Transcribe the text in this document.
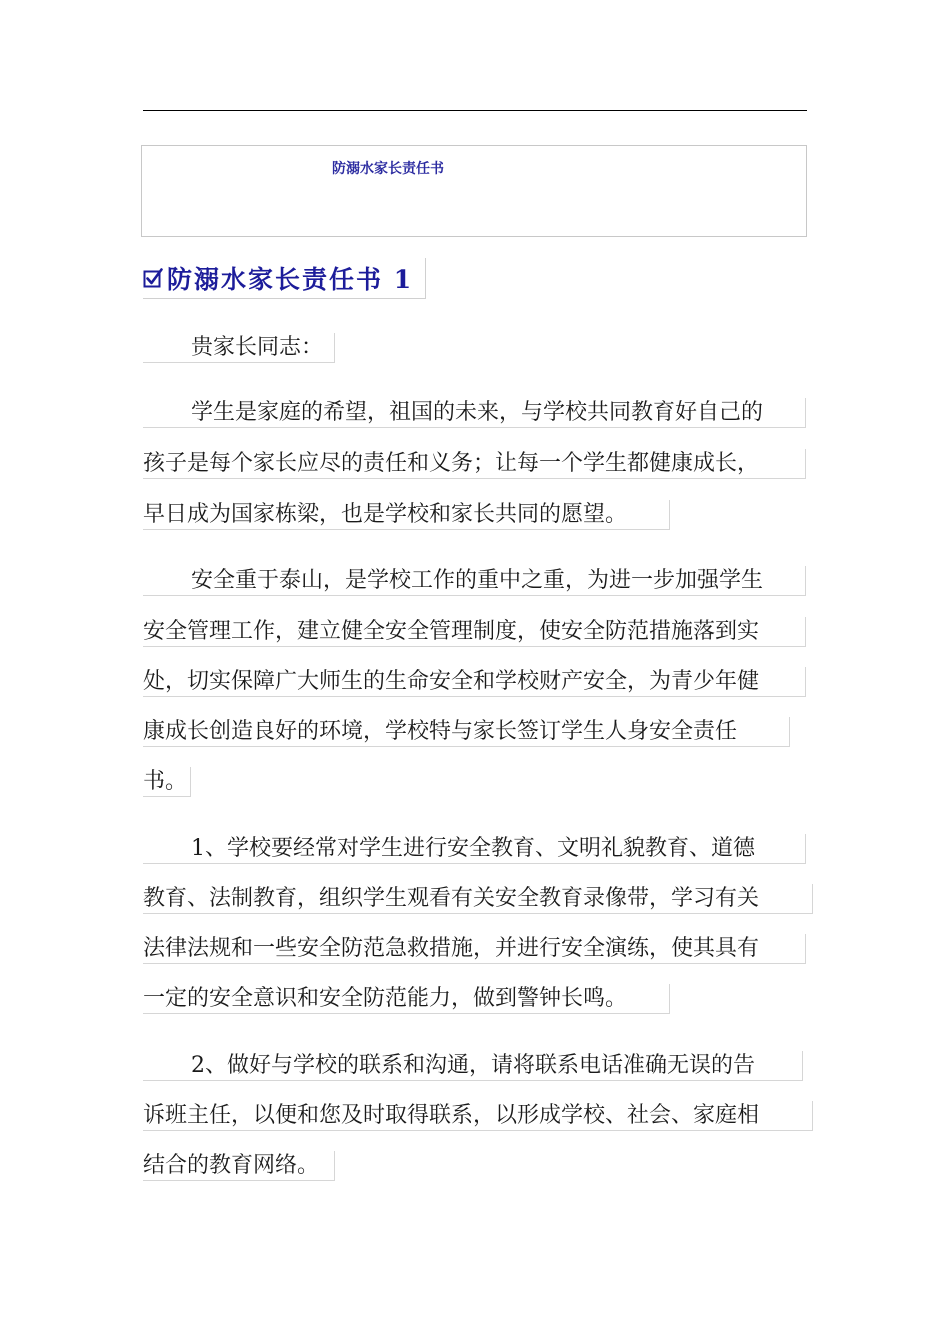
防溺水家长责任书
防溺水家长责任书 1
贵家长同志：
学生是家庭的希望，祖国的未来，与学校共同教育好自己的
孩子是每个家长应尽的责任和义务；让每一个学生都健康成长，
早日成为国家栋梁，也是学校和家长共同的愿望。
安全重于泰山，是学校工作的重中之重，为进一步加强学生
安全管理工作，建立健全安全管理制度，使安全防范措施落到实
处，切实保障广大师生的生命安全和学校财产安全，为青少年健
康成长创造良好的环境，学校特与家长签订学生人身安全责任
书。
1、学校要经常对学生进行安全教育、文明礼貌教育、道德
教育、法制教育，组织学生观看有关安全教育录像带，学习有关
法律法规和一些安全防范急救措施，并进行安全演练，使其具有
一定的安全意识和安全防范能力，做到警钟长鸣。
2、做好与学校的联系和沟通，请将联系电话准确无误的告
诉班主任，以便和您及时取得联系，以形成学校、社会、家庭相
结合的教育网络。
